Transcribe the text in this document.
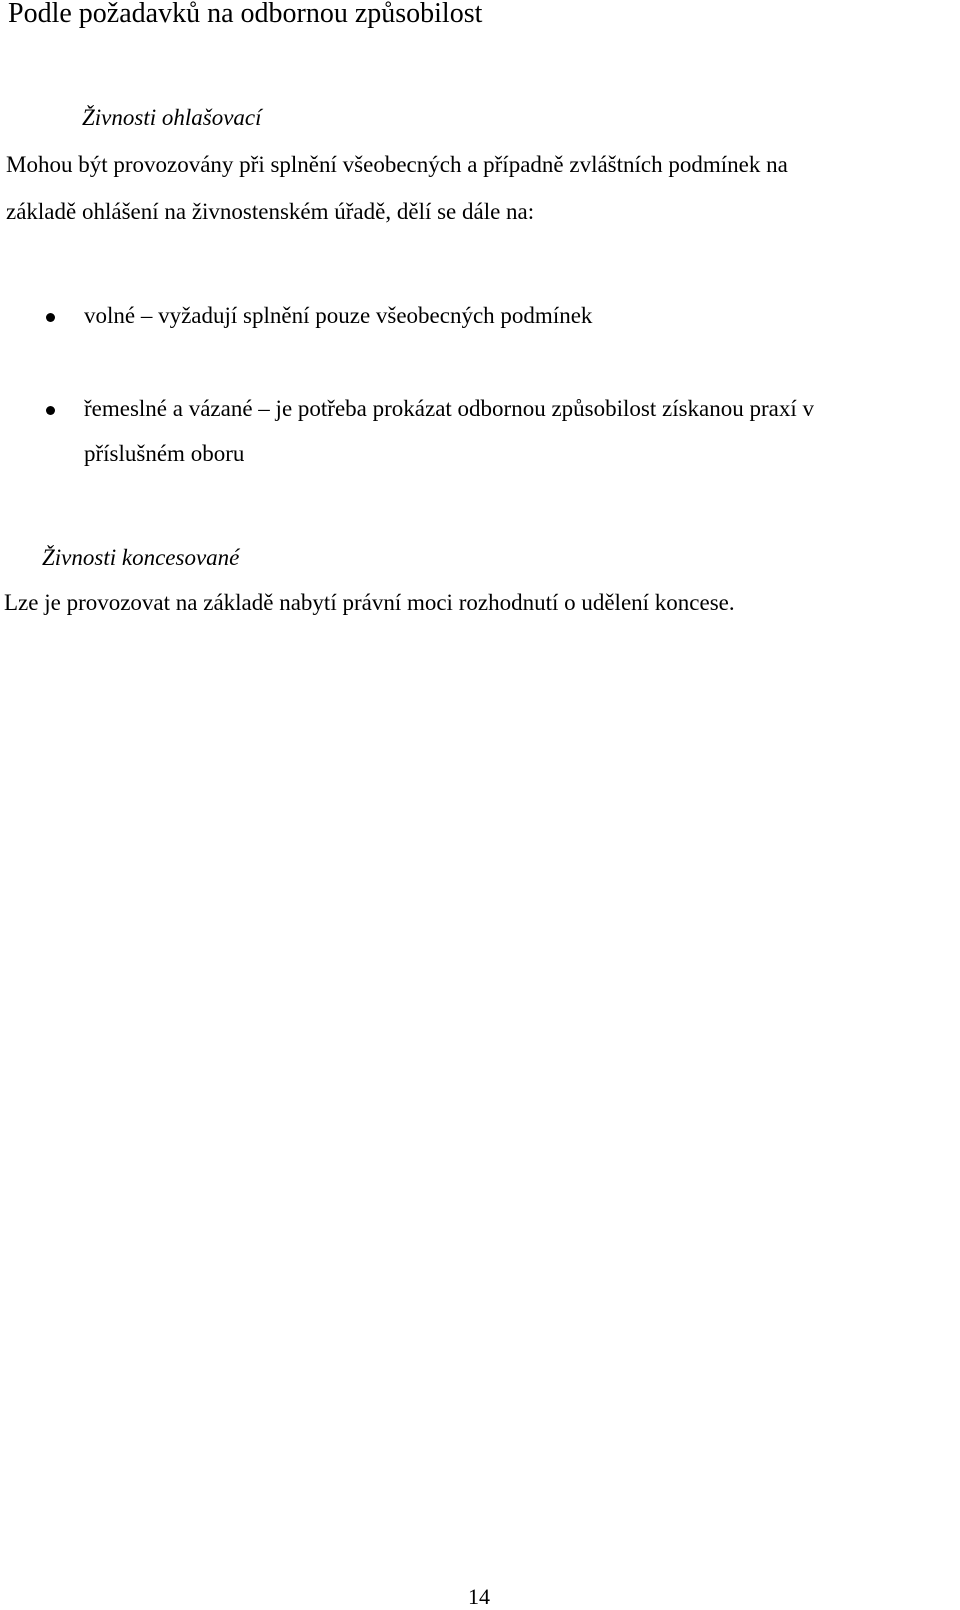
Podle požadavků na odbornou způsobilost
Živnosti ohlašovací
Mohou být provozovány při splnění všeobecných a případně zvláštních podmínek na
základě ohlášení na živnostenském úřadě, dělí se dále na:
volné – vyžadují splnění pouze všeobecných podmínek
řemeslné a vázané – je potřeba prokázat odbornou způsobilost získanou praxí v
příslušném oboru
Živnosti koncesované
Lze je provozovat na základě nabytí právní moci rozhodnutí o udělení koncese.
14
